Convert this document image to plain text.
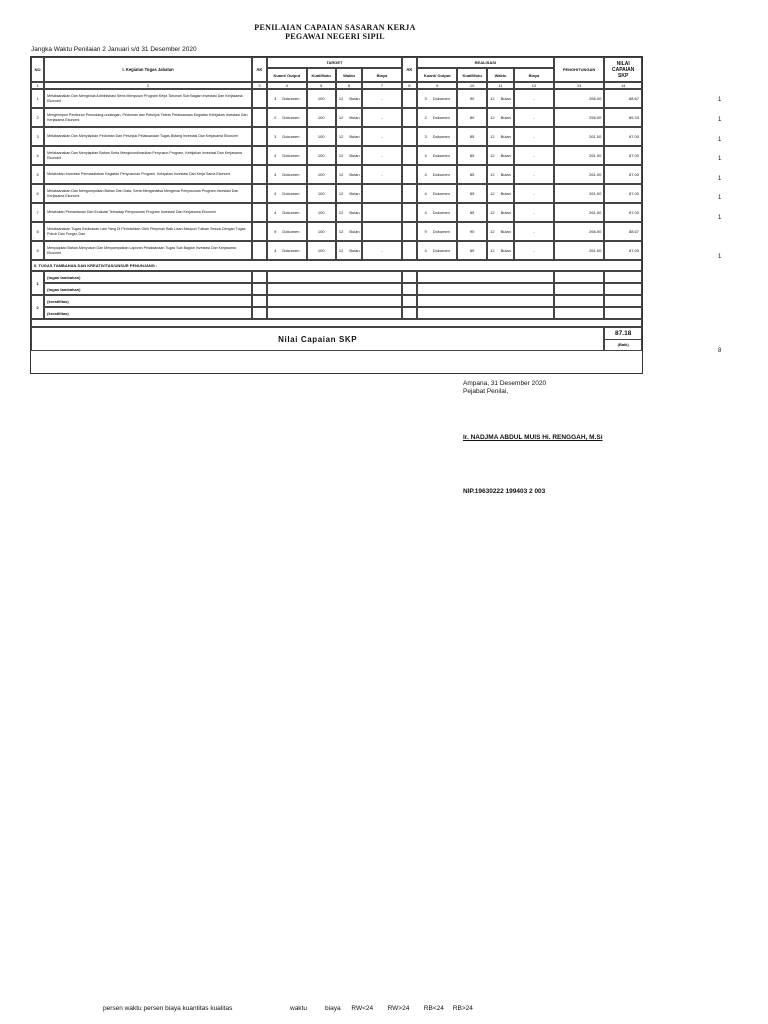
PENILAIAN CAPAIAN SASARAN KERJA
PEGAWAI NEGERI SIPIL
Jangka Waktu Penilaian 2 Januari s/d 31 Desember 2020
NO	I. Kegiatan Tugas Jabatan	AK	TARGET				AK	REALISASI				PENGHITUNGAN	NILAI CAPAIAN SKP
			Kuant/ Output	Kual/Mutu	Waktu	Biaya		Kuant/ Output	Kual/Mutu	Waktu	Biaya		
1	2	3	4	5	6	7	8	9	10	11	12	13	14
1	Melaksanakan Dan Mengelola Administrasi Serta Menyusun Program Kerja Tahunan Sub Bagian Investasi Dan Kerjasama Ekonomi		3 Dokumen	100	12 Bulan	-		3 Dokumen	90	12 Bulan	-	266.00	88.67
2	Menghimpun Peraturan Perundang-undangan, Pedoman dan Petunjuk Teknis Pelaksanaan Kegiatan Kebijakan Investasi Dan Kerjasama Ekonomi		2 Dokumen	100	12 Bulan	-		2 Dokumen	80	12 Bulan	-	256.00	85.33
3	Melaksanakan Dan Menyiapkan Pedoman Dan Petunjuk Pelaksanaan Tugas Bidang Investasi Dan Kerjasama Ekonomi		3 Dokumen	100	12 Bulan	-		3 Dokumen	85	12 Bulan	-	261.00	87.00
4	Melaksanakan Dan Menyiapkan Bahan Serta Mengkoordinasikan Penyusun Program, Kebijakan Investasi Dan Kerjasama Ekonomi		4 Dokumen	100	12 Bulan	-		4 Dokumen	85	12 Bulan	-	261.00	87.00
5	Melakukan Inventasi Permasalahan Kegiatan Penyusunan Program, Kebijakan Investasi Dan Kerja Sama Ekonomi		4 Dokumen	100	12 Bulan	-		4 Dokumen	85	12 Bulan	-	261.00	87.00
6	Melaksanakan Dan Mengumpulkan Bahan Dan Data, Serta Menganalisa Mengenai Penyusunan Program Investasi Dan Kerjasama Ekonomi		4 Dokumen	100	12 Bulan			4 Dokumen	85	12 Bulan	-	261.00	87.00
7	Melakukan Pemantauan Dan Evaluasi Terhadap Penyusunan Program Investasi Dan Kerjasama Ekonomi		4 Dokumen	100	12 Bulan			4 Dokumen	85	12 Bulan	-	261.00	87.00
8	Melaksanakan Tugas Kedinasan Lain Yang Di Perintahkan Oleh Pimpinan Baik Lisan Maupun Tulisan Sesuai Dengan Tugas Pokok Dan Fungsi, Dan		9 Dokumen	100	12 Bulan			9 Dokumen	90	12 Bulan	-	266.00	88.67
9	Menyiapkan Bahan,Menyusun Dan Menyampaikan Laporan Pelaksanaan Tugas Sub Bagian Investasi Dan Kerjasama Ekonomi		4 Dokumen	100	12 Bulan	-		4 Dokumen	85	12 Bulan	-	261.00	87.00
II. TUGAS TAMBAHAN DAN KREATIVITAS/UNSUR PENUNJANG :													
1	(tugas tambahan)												
	(tugas tambahan)												
2	(kreatifitas)												
	(kreatifitas)												

Nilai Capaian SKP													87.18
(Baik)
1
1
1
1
1
1
1
1
8
Ampana, 31 Desember 2020
Pejabat Penilai,
Ir. NADJMA ABDUL MUIS Hi. RENGGAH, M.Si
NIP.19630222 199403 2 003
persen waktu persen biaya kuantitas kualitas	waktu          biaya      RW<24        RW>24        RB<24     RB>24
